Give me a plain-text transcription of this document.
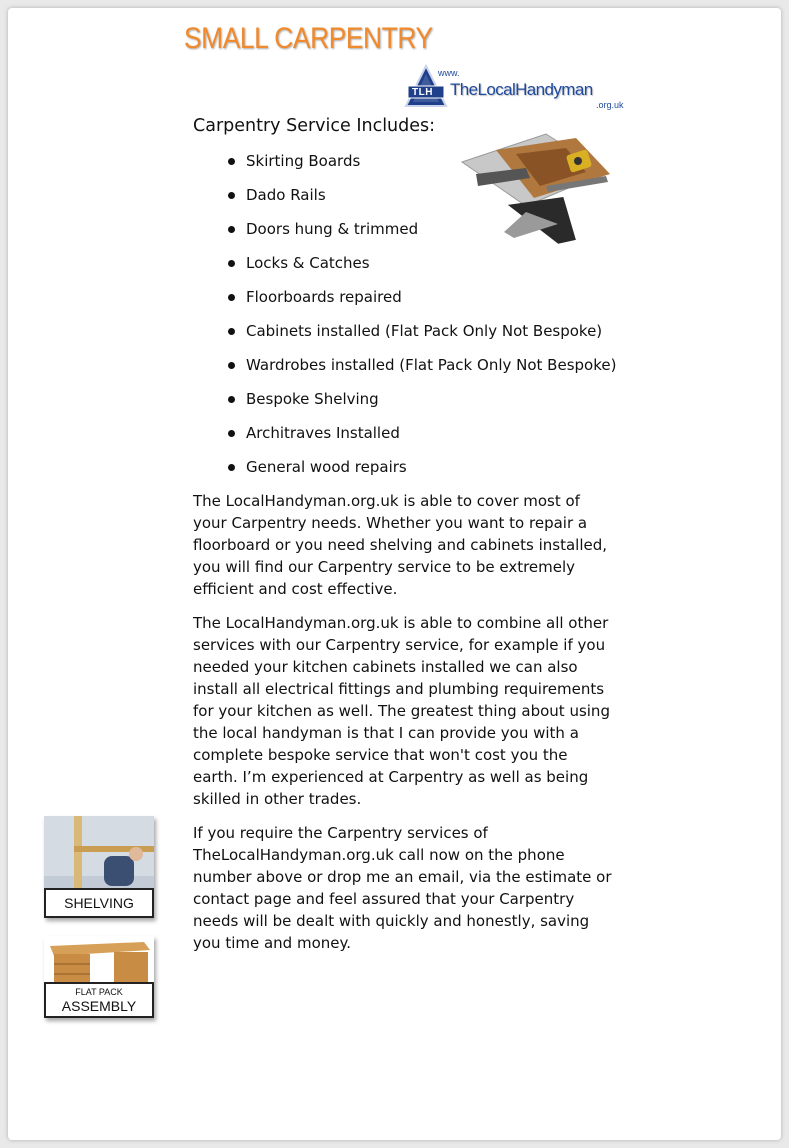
SMALL CARPENTRY
TLH
www.
TheLocalHandyman
.org.uk
Carpentry Service Includes:
Skirting Boards
Dado Rails
Doors hung & trimmed
Locks & Catches
Floorboards repaired
Cabinets installed (Flat Pack Only Not Bespoke)
Wardrobes installed (Flat Pack Only Not Bespoke)
Bespoke Shelving
Architraves Installed
General wood repairs

The LocalHandyman.org.uk is able to cover most of your Carpentry needs. Whether you want to repair a floorboard or you need shelving and cabinets installed, you will find our Carpentry service to be extremely efficient and cost effective.

The LocalHandyman.org.uk is able to combine all other services with our Carpentry service, for example if you needed your kitchen cabinets installed we can also install all electrical fittings and plumbing requirements for your kitchen as well. The greatest thing about using the local handyman is that I can provide you with a complete bespoke service that won't cost you the earth. I’m experienced at Carpentry as well as being skilled in other trades.

If you require the Carpentry services of TheLocalHandyman.org.uk call now on the phone number above or drop me an email, via the estimate or contact page and feel assured that your Carpentry needs will be dealt with quickly and honestly, saving you time and money.

SHELVING
FLAT PACK
ASSEMBLY
